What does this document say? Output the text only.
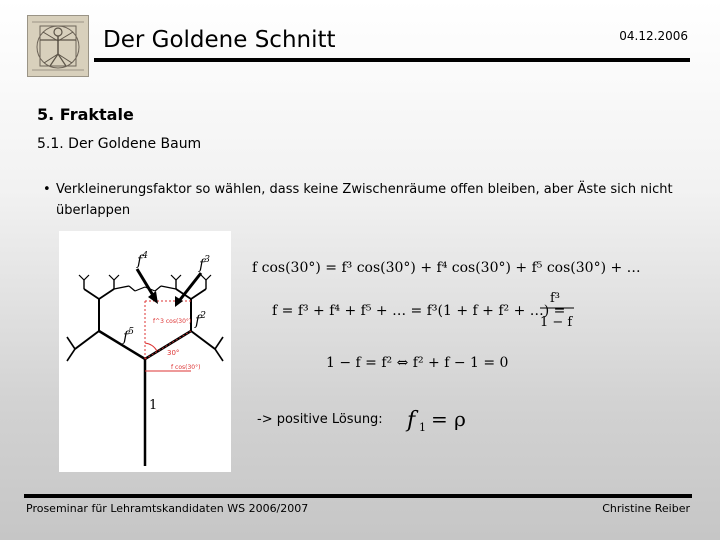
Der Goldene Schnitt	04.12.2006
5. Fraktale
5.1. Der Goldene Baum
• Verkleinerungsfaktor so wählen, dass keine Zwischenräume offen bleiben, aber Äste sich nicht überlappen
$f^4$
$f^3$
$f^2$
$f^5$
30°
f^3 cos(30°)
f cos(30°)
1
f cos(30°) = f³ cos(30°) + f⁴ cos(30°) + f⁵ cos(30°) + …
f = f³ + f⁴ + f⁵ + … = f³(1 + f + f² + …) =
f³
1 − f
1 − f = f² ⇔ f² + f − 1 = 0
-> positive Lösung: f 1 = ρ
Proseminar für Lehramtskandidaten WS 2006/2007	Christine Reiber
